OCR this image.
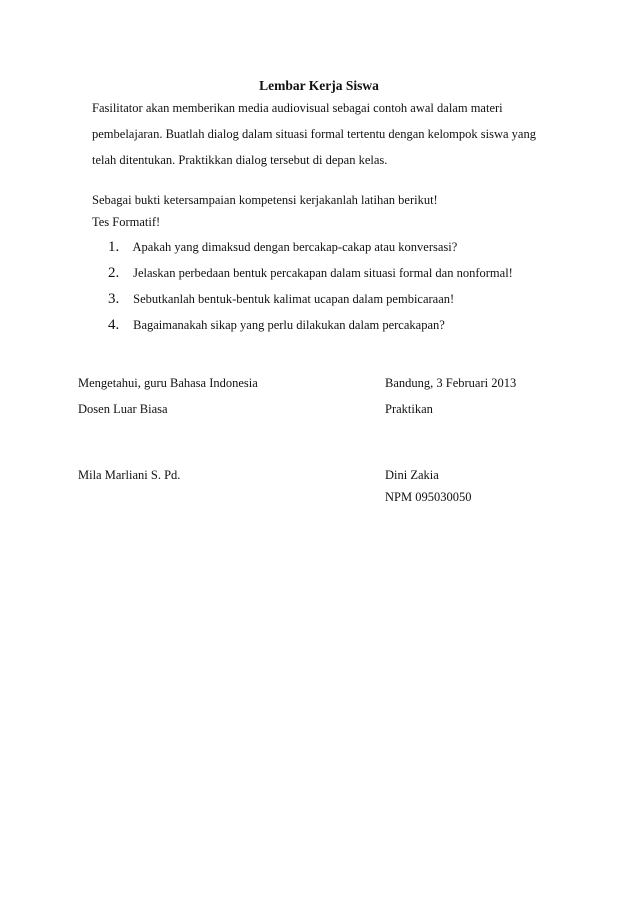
Lembar Kerja Siswa
Fasilitator akan memberikan media audiovisual sebagai contoh awal dalam materi
pembelajaran. Buatlah dialog dalam situasi formal tertentu dengan kelompok siswa yang
telah ditentukan. Praktikkan dialog tersebut di depan kelas.
Sebagai bukti ketersampaian kompetensi kerjakanlah latihan berikut!
Tes Formatif!
1. Apakah yang dimaksud dengan bercakap-cakap atau konversasi?
2. Jelaskan perbedaan bentuk percakapan dalam situasi formal dan nonformal!
3. Sebutkanlah bentuk-bentuk kalimat ucapan dalam pembicaraan!
4. Bagaimanakah sikap yang perlu dilakukan dalam percakapan?
Mengetahui, guru Bahasa Indonesia
Dosen Luar Biasa
Mila Marliani S. Pd.
Bandung, 3 Februari 2013
Praktikan
Dini Zakia
NPM 095030050
